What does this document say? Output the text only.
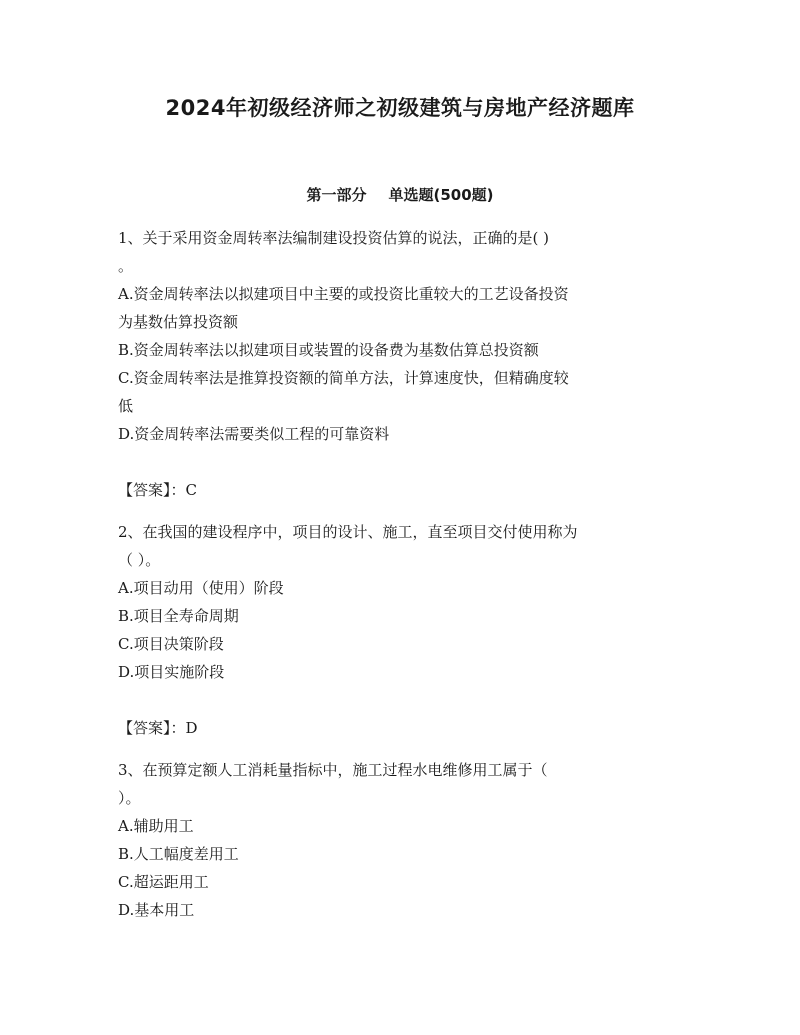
2024年初级经济师之初级建筑与房地产经济题库
第一部分 单选题(500题)
1、关于采用资金周转率法编制建设投资估算的说法，正确的是( )
。
A.资金周转率法以拟建项目中主要的或投资比重较大的工艺设备投资
为基数估算投资额
B.资金周转率法以拟建项目或装置的设备费为基数估算总投资额
C.资金周转率法是推算投资额的简单方法，计算速度快，但精确度较
低
D.资金周转率法需要类似工程的可靠资料
【答案】：C
2、在我国的建设程序中，项目的设计、施工，直至项目交付使用称为
（ ）。
A.项目动用（使用）阶段
B.项目全寿命周期
C.项目决策阶段
D.项目实施阶段
【答案】：D
3、在预算定额人工消耗量指标中，施工过程水电维修用工属于（
）。
A.辅助用工
B.人工幅度差用工
C.超运距用工
D.基本用工
